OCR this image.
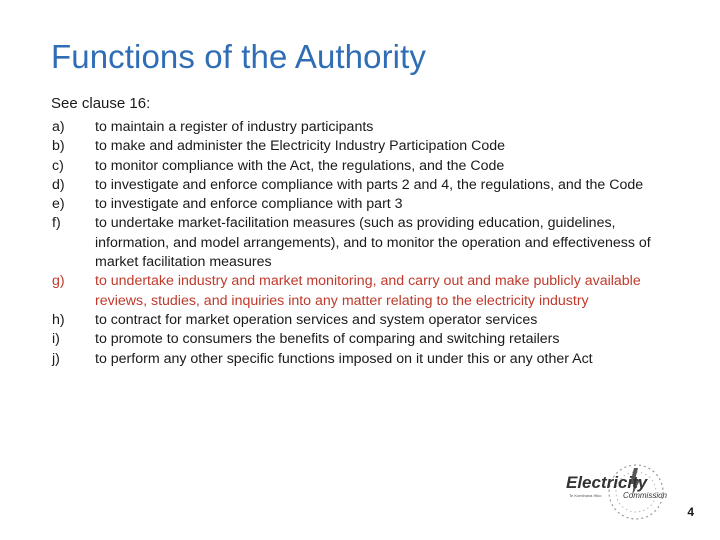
Functions of the Authority
See clause 16:
a) to maintain a register of industry participants
b) to make and administer the Electricity Industry Participation Code
c) to monitor compliance with the Act, the regulations, and the Code
d) to investigate and enforce compliance with parts 2 and 4, the regulations, and the Code
e) to investigate and enforce compliance with part 3
f) to undertake market-facilitation measures (such as providing education, guidelines, information, and model arrangements), and to monitor the operation and effectiveness of market facilitation measures
g) to undertake industry and market monitoring, and carry out and make publicly available reviews, studies, and inquiries into any matter relating to the electricity industry
h) to contract for market operation services and system operator services
i) to promote to consumers the benefits of comparing and switching retailers
j) to perform any other specific functions imposed on it under this or any other Act
Electricity
Te Komihana Hiko	Commission
4
